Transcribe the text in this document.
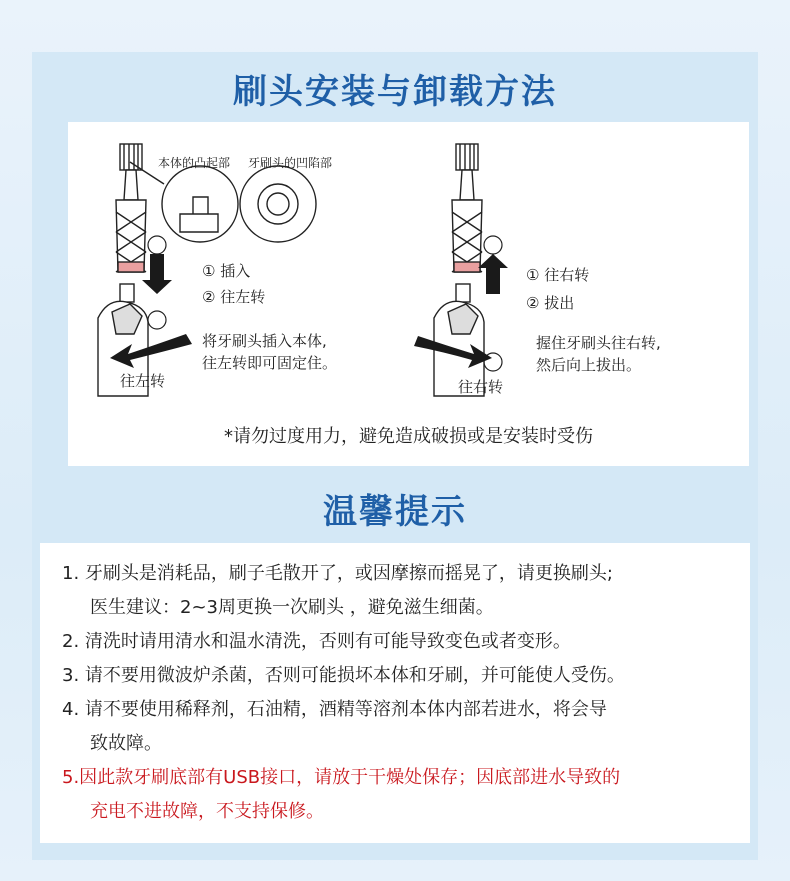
刷头安装与卸载方法
本体的凸起部 牙刷头的凹陷部
① 插入
② 往左转
将牙刷头插入本体,
往左转即可固定住。
往左转
① 往右转
② 拔出
握住牙刷头往右转,
然后向上拔出。
往右转
*请勿过度用力，避免造成破损或是安装时受伤
温馨提示
1. 牙刷头是消耗品，刷子毛散开了，或因摩擦而摇晃了，请更换刷头;
医生建议：2~3周更换一次刷头 ，避免滋生细菌。
2. 清洗时请用清水和温水清洗，否则有可能导致变色或者变形。
3. 请不要用微波炉杀菌，否则可能损坏本体和牙刷，并可能使人受伤。
4. 请不要使用稀释剂，石油精，酒精等溶剂本体内部若进水，将会导
致故障。
5.因此款牙刷底部有USB接口，请放于干燥处保存；因底部进水导致的
充电不进故障，不支持保修。
